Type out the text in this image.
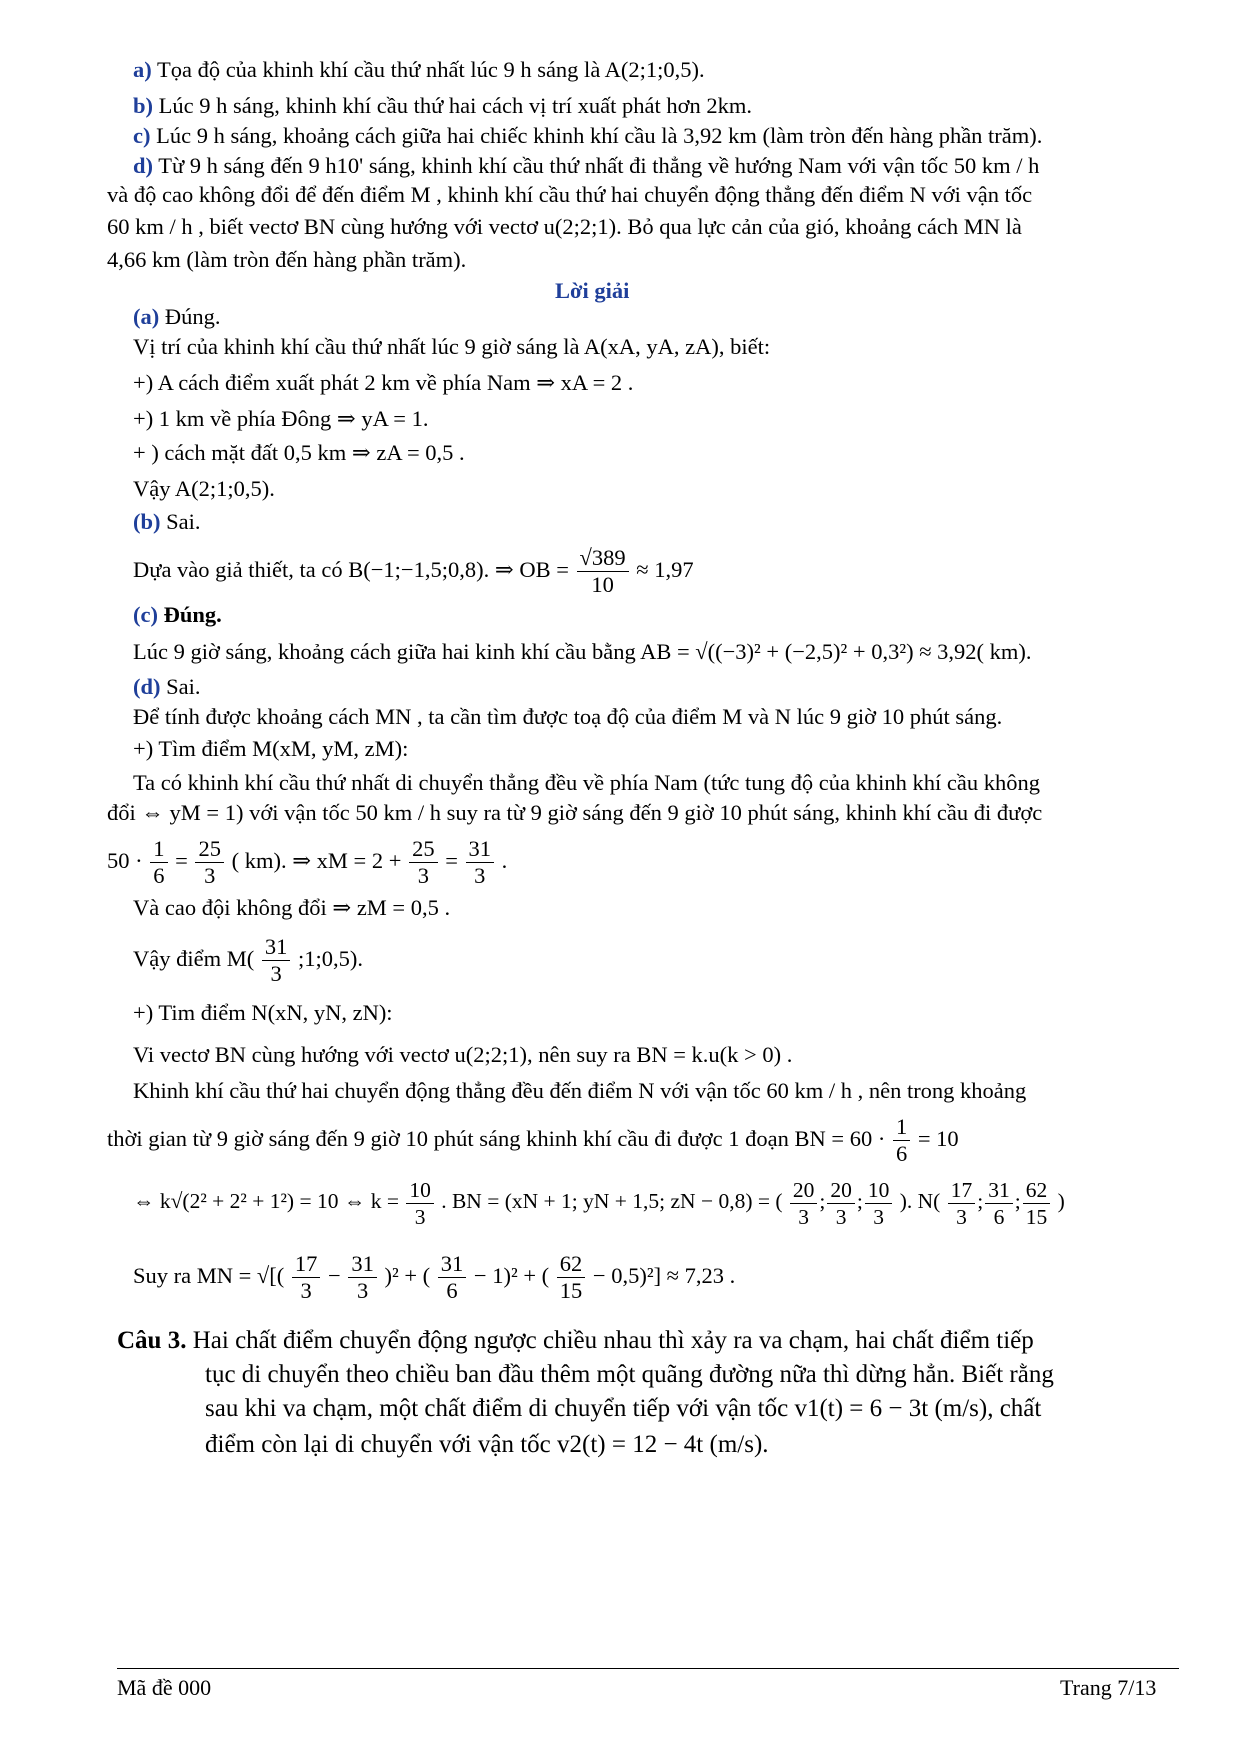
a) Tọa độ của khinh khí cầu thứ nhất lúc 9 h sáng là A(2;1;0,5).
b) Lúc 9 h sáng, khinh khí cầu thứ hai cách vị trí xuất phát hơn 2km.
c) Lúc 9 h sáng, khoảng cách giữa hai chiếc khinh khí cầu là 3,92 km (làm tròn đến hàng phần trăm).
d) Từ 9 h sáng đến 9 h10' sáng, khinh khí cầu thứ nhất đi thẳng về hướng Nam với vận tốc 50 km / h
và độ cao không đổi để đến điểm M , khinh khí cầu thứ hai chuyển động thẳng đến điểm N với vận tốc
60 km / h , biết vectơ BN cùng hướng với vectơ u(2;2;1). Bỏ qua lực cản của gió, khoảng cách MN là
4,66 km (làm tròn đến hàng phần trăm).
Lời giải
(a) Đúng.
Vị trí của khinh khí cầu thứ nhất lúc 9 giờ sáng là A(xA, yA, zA), biết:
+) A cách điểm xuất phát 2 km về phía Nam ⇒ xA = 2 .
+) 1 km về phía Đông ⇒ yA = 1.
+ ) cách mặt đất 0,5 km ⇒ zA = 0,5 .
Vậy A(2;1;0,5).
(b) Sai.
Dựa vào giả thiết, ta có B(−1;−1,5;0,8). ⇒ OB = $\frac{√389}{10} \approx 1,97$
(c) Đúng.
Lúc 9 giờ sáng, khoảng cách giữa hai kinh khí cầu bằng AB = √((−3)² + (−2,5)² + 0,3²) ≈ 3,92( km).
(d) Sai.
Để tính được khoảng cách MN , ta cần tìm được toạ độ của điểm M và N lúc 9 giờ 10 phút sáng.
+) Tìm điểm M(xM, yM, zM):
Ta có khinh khí cầu thứ nhất di chuyển thẳng đều về phía Nam (tức tung độ của khinh khí cầu không
đổi ⇔ yM = 1) với vận tốc 50 km / h suy ra từ 9 giờ sáng đến 9 giờ 10 phút sáng, khinh khí cầu đi được
$50 \cdot \frac{1}{6} = \frac{25}{3}$ ( km). ⇒ xM = $2 + \frac{25}{3} = \frac{31}{3}$ .
Và cao đội không đổi ⇒ zM = 0,5 .
Vậy điểm $M( \frac{31}{3}$ ;1;0,5).
+) Tim điểm N(xN, yN, zN):
Vi vectơ BN cùng hướng với vectơ u(2;2;1), nên suy ra BN = k.u(k > 0) .
Khinh khí cầu thứ hai chuyển động thẳng đều đến điểm N với vận tốc 60 km / h , nên trong khoảng
thời gian từ 9 giờ sáng đến 9 giờ 10 phút sáng khinh khí cầu đi được 1 đoạn BN = $60 \cdot \frac{1}{6} = 10$
⇔ k√(2² + 2² + 1²) = 10 ⇔ $k = \frac{10}{3}$ . BN = (xN + 1; yN + 1,5; zN − 0,8) = ( $\frac{20}{3}$ ; $\frac{20}{3}$ ; $\frac{10}{3}$ ). $N( \frac{17}{3}$ ; $\frac{31}{6}$ ; $\frac{62}{15}$ )
Suy ra MN = √[( $\frac{17}{3} - \frac{31}{3} )^2$ + ( $\frac{31}{6} - 1)^2$ + ( $\frac{62}{15} - 0,5)^2] \approx 7,23$ .
Câu 3. Hai chất điểm chuyển động ngược chiều nhau thì xảy ra va chạm, hai chất điểm tiếp
tục di chuyển theo chiều ban đầu thêm một quãng đường nữa thì dừng hẳn. Biết rằng
sau khi va chạm, một chất điểm di chuyển tiếp với vận tốc v1(t) = 6 − 3t (m/s), chất
điểm còn lại di chuyển với vận tốc v2(t) = 12 − 4t (m/s).
Mã đề 000	Trang 7/13
